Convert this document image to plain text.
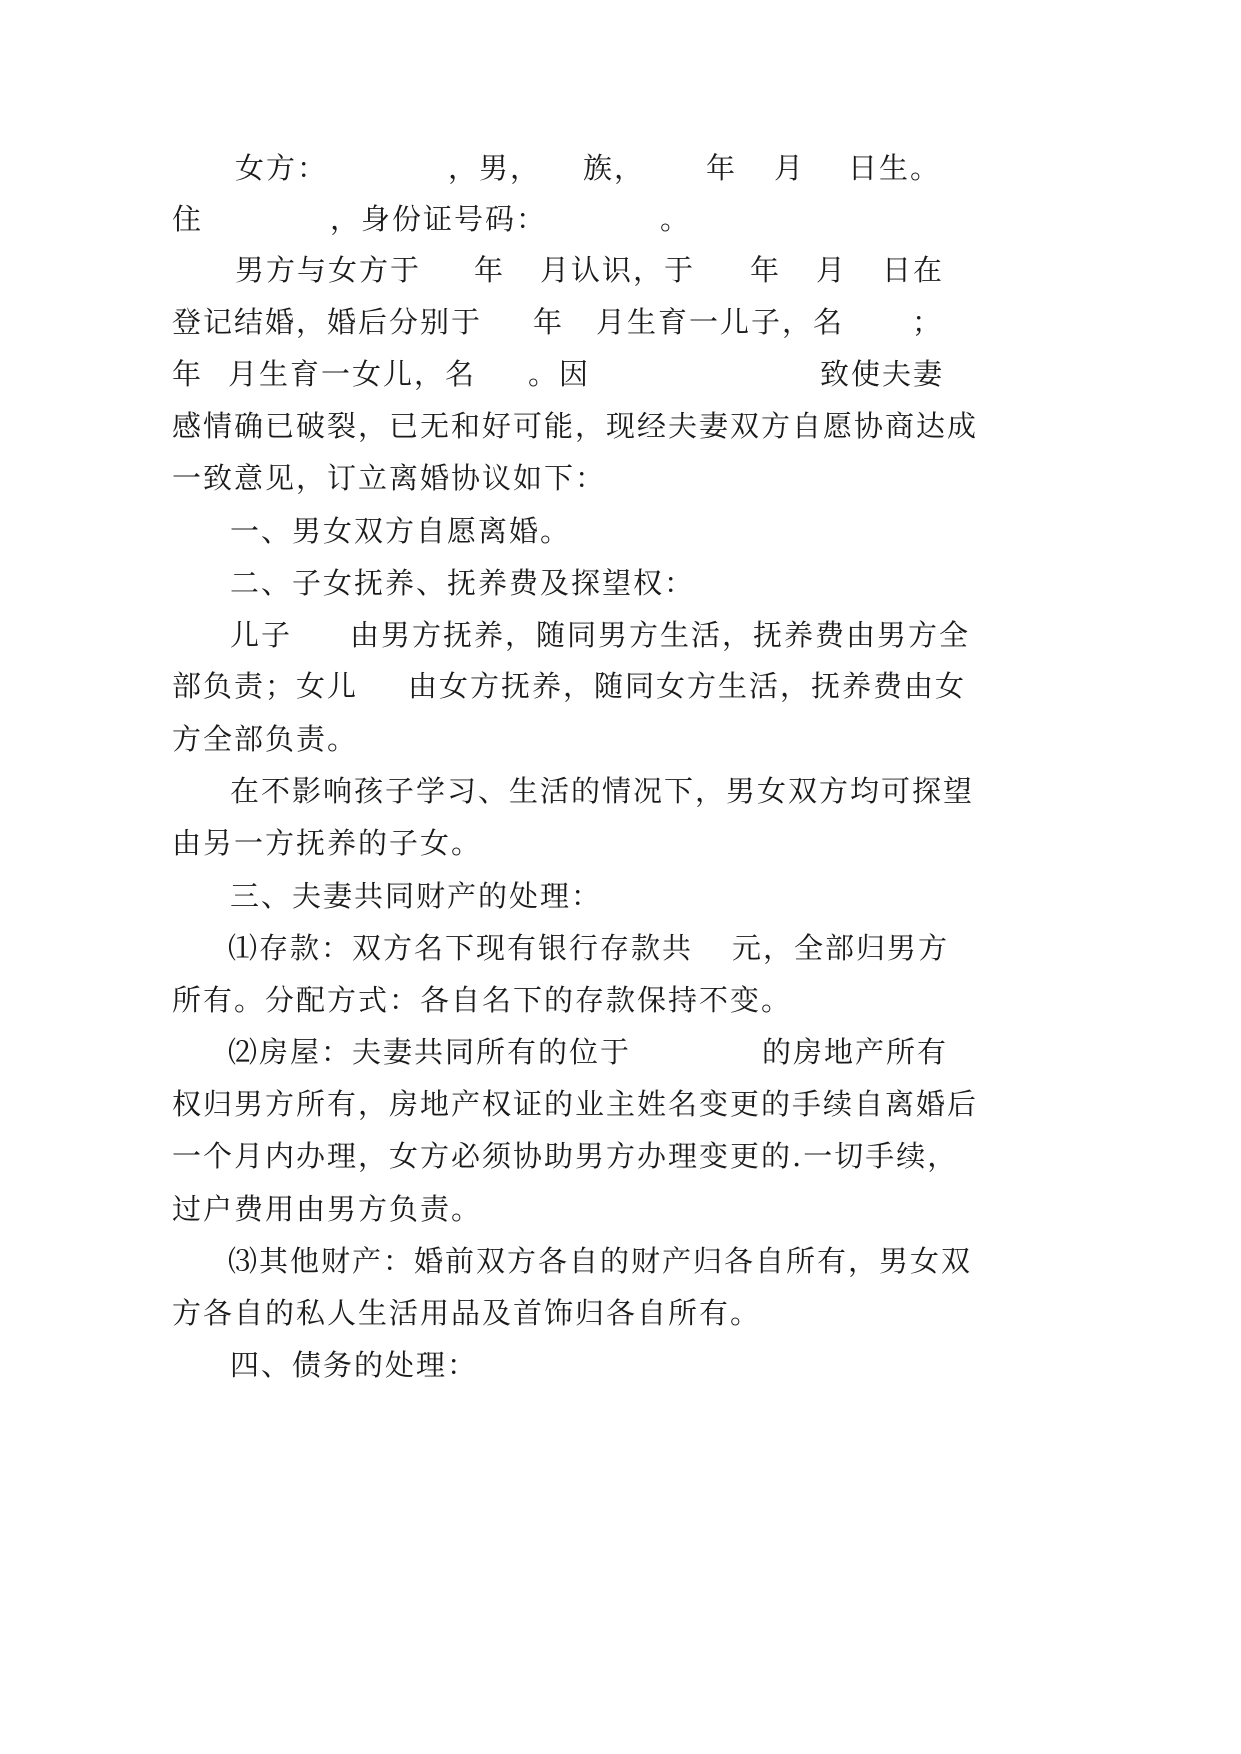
女方：

	，男，

族，

年

月

日生。

住

	，身份证号码：

	。

男方与女方于

年

月认识，于

年

月

日在

登记结婚，婚后分别于

年

月生育一儿子，名

；

年

月生育一女儿，名

。因

	致使夫妻

感情确已破裂，已无和好可能，现经夫妻双方自愿协商达成

一致意见，订立离婚协议如下：

一、男女双方自愿离婚。

二、子女抚养、抚养费及探望权：

儿子

由男方抚养，随同男方生活，抚养费由男方全

部负责；女儿

由女方抚养，随同女方生活，抚养费由女

方全部负责。

在不影响孩子学习、生活的情况下，男女双方均可探望

由另一方抚养的子女。

三、夫妻共同财产的处理：

⑴存款：双方名下现有银行存款共

元，全部归男方

所有。分配方式：各自名下的存款保持不变。

⑵房屋：夫妻共同所有的位于

	的房地产所有

权归男方所有，房地产权证的业主姓名变更的手续自离婚后

一个月内办理，女方必须协助男方办理变更的.一切手续，

过户费用由男方负责。

⑶其他财产：婚前双方各自的财产归各自所有，男女双

方各自的私人生活用品及首饰归各自所有。

四、债务的处理：
